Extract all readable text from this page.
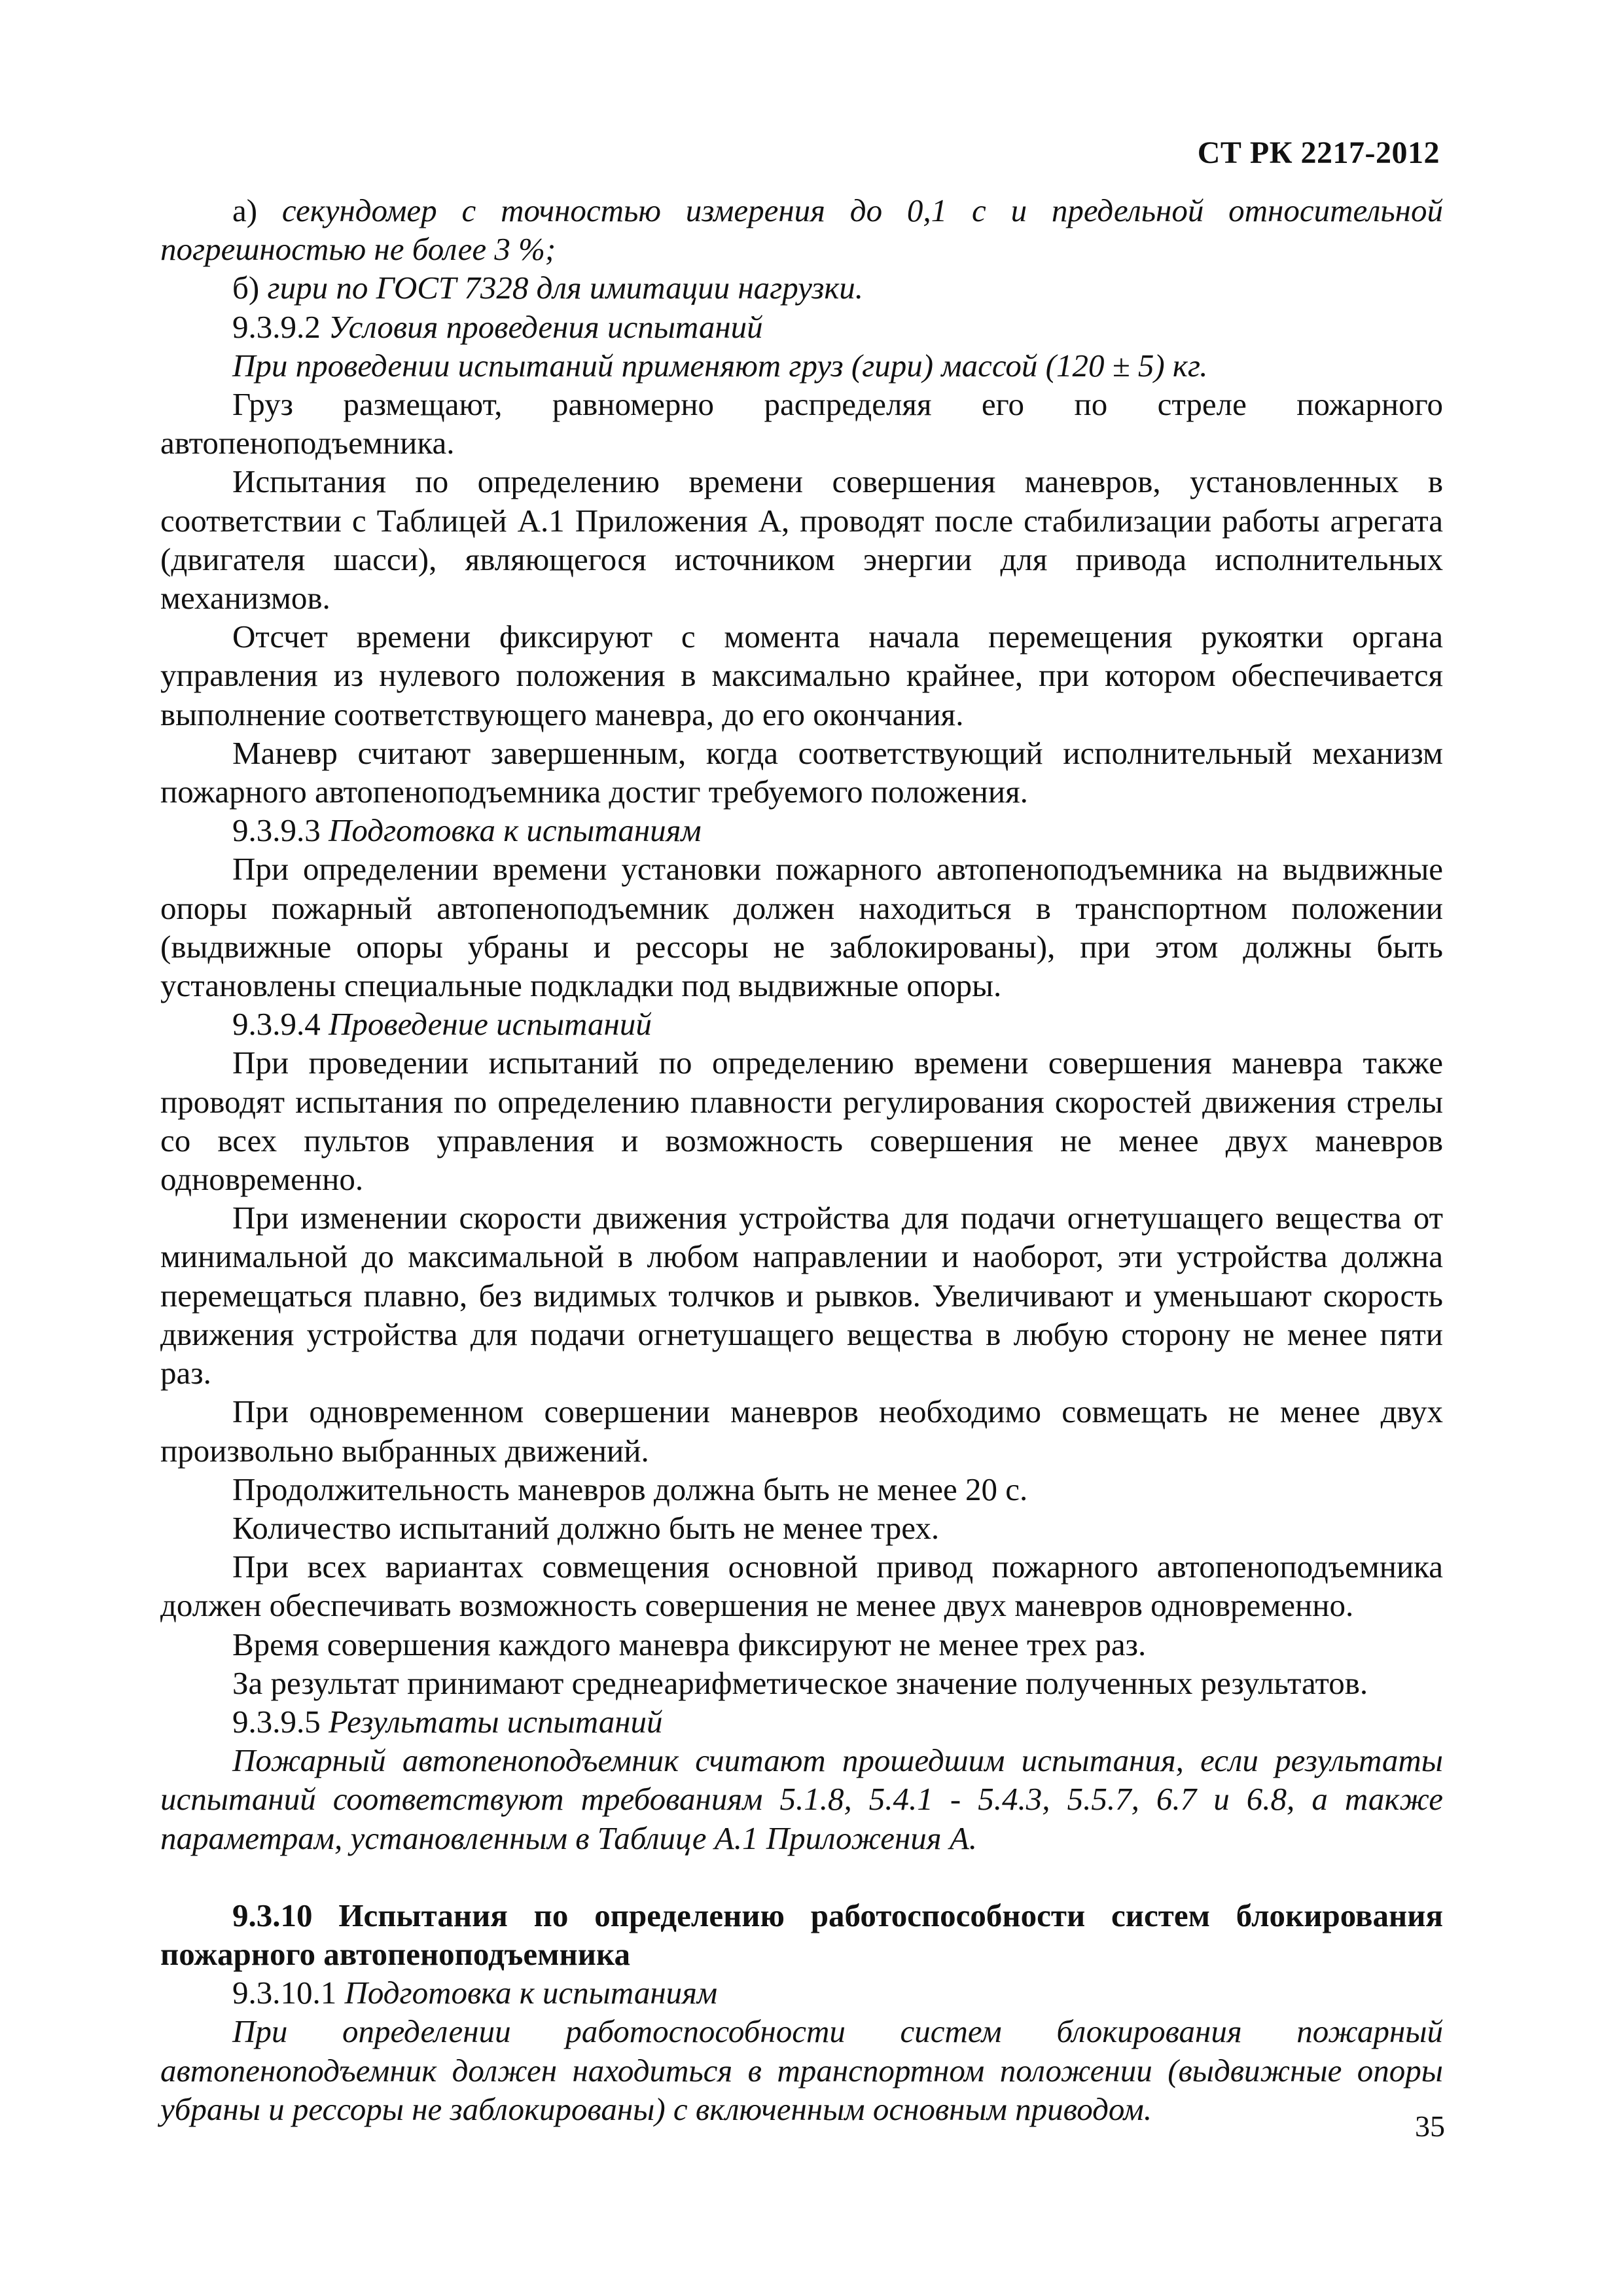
СТ РК 2217-2012

а) секундомер с точностью измерения до 0,1 с и предельной относительной погрешностью не более 3 %;

б) гири по ГОСТ 7328 для имитации нагрузки.

9.3.9.2 Условия проведения испытаний

При проведении испытаний применяют груз (гири) массой (120 ± 5) кг.

Груз размещают, равномерно распределяя его по стреле пожарного автопеноподъемника.

Испытания по определению времени совершения маневров, установленных в соответствии с Таблицей А.1 Приложения А, проводят после стабилизации работы агрегата (двигателя шасси), являющегося источником энергии для привода исполнительных механизмов.

Отсчет времени фиксируют с момента начала перемещения рукоятки органа управления из нулевого положения в максимально крайнее, при котором обеспечивается выполнение соответствующего маневра, до его окончания.

Маневр считают завершенным, когда соответствующий исполнительный механизм пожарного автопеноподъемника достиг требуемого положения.

9.3.9.3 Подготовка к испытаниям

При определении времени установки пожарного автопеноподъемника на выдвижные опоры пожарный автопеноподъемник должен находиться в транспортном положении (выдвижные опоры убраны и рессоры не заблокированы), при этом должны быть установлены специальные подкладки под выдвижные опоры.

9.3.9.4 Проведение испытаний

При проведении испытаний по определению времени совершения маневра также проводят испытания по определению плавности регулирования скоростей движения стрелы со всех пультов управления и возможность совершения не менее двух маневров одновременно.

При изменении скорости движения устройства для подачи огнетушащего вещества от минимальной до максимальной в любом направлении и наоборот, эти устройства должна перемещаться плавно, без видимых толчков и рывков. Увеличивают и уменьшают скорость движения устройства для подачи огнетушащего вещества в любую сторону не менее пяти раз.

При одновременном совершении маневров необходимо совмещать не менее двух произвольно выбранных движений.

Продолжительность маневров должна быть не менее 20 с.

Количество испытаний должно быть не менее трех.

При всех вариантах совмещения основной привод пожарного автопеноподъемника должен обеспечивать возможность совершения не менее двух маневров одновременно.

Время совершения каждого маневра фиксируют не менее трех раз.

За результат принимают среднеарифметическое значение полученных результатов.

9.3.9.5 Результаты испытаний

Пожарный автопеноподъемник считают прошедшим испытания, если результаты испытаний соответствуют требованиям 5.1.8, 5.4.1 - 5.4.3, 5.5.7, 6.7 и 6.8, а также параметрам, установленным в Таблице А.1 Приложения А.

9.3.10 Испытания по определению работоспособности систем блокирования пожарного автопеноподъемника

9.3.10.1 Подготовка к испытаниям

При определении работоспособности систем блокирования пожарный автопеноподъемник должен находиться в транспортном положении (выдвижные опоры убраны и рессоры не заблокированы) с включенным основным приводом.	35
